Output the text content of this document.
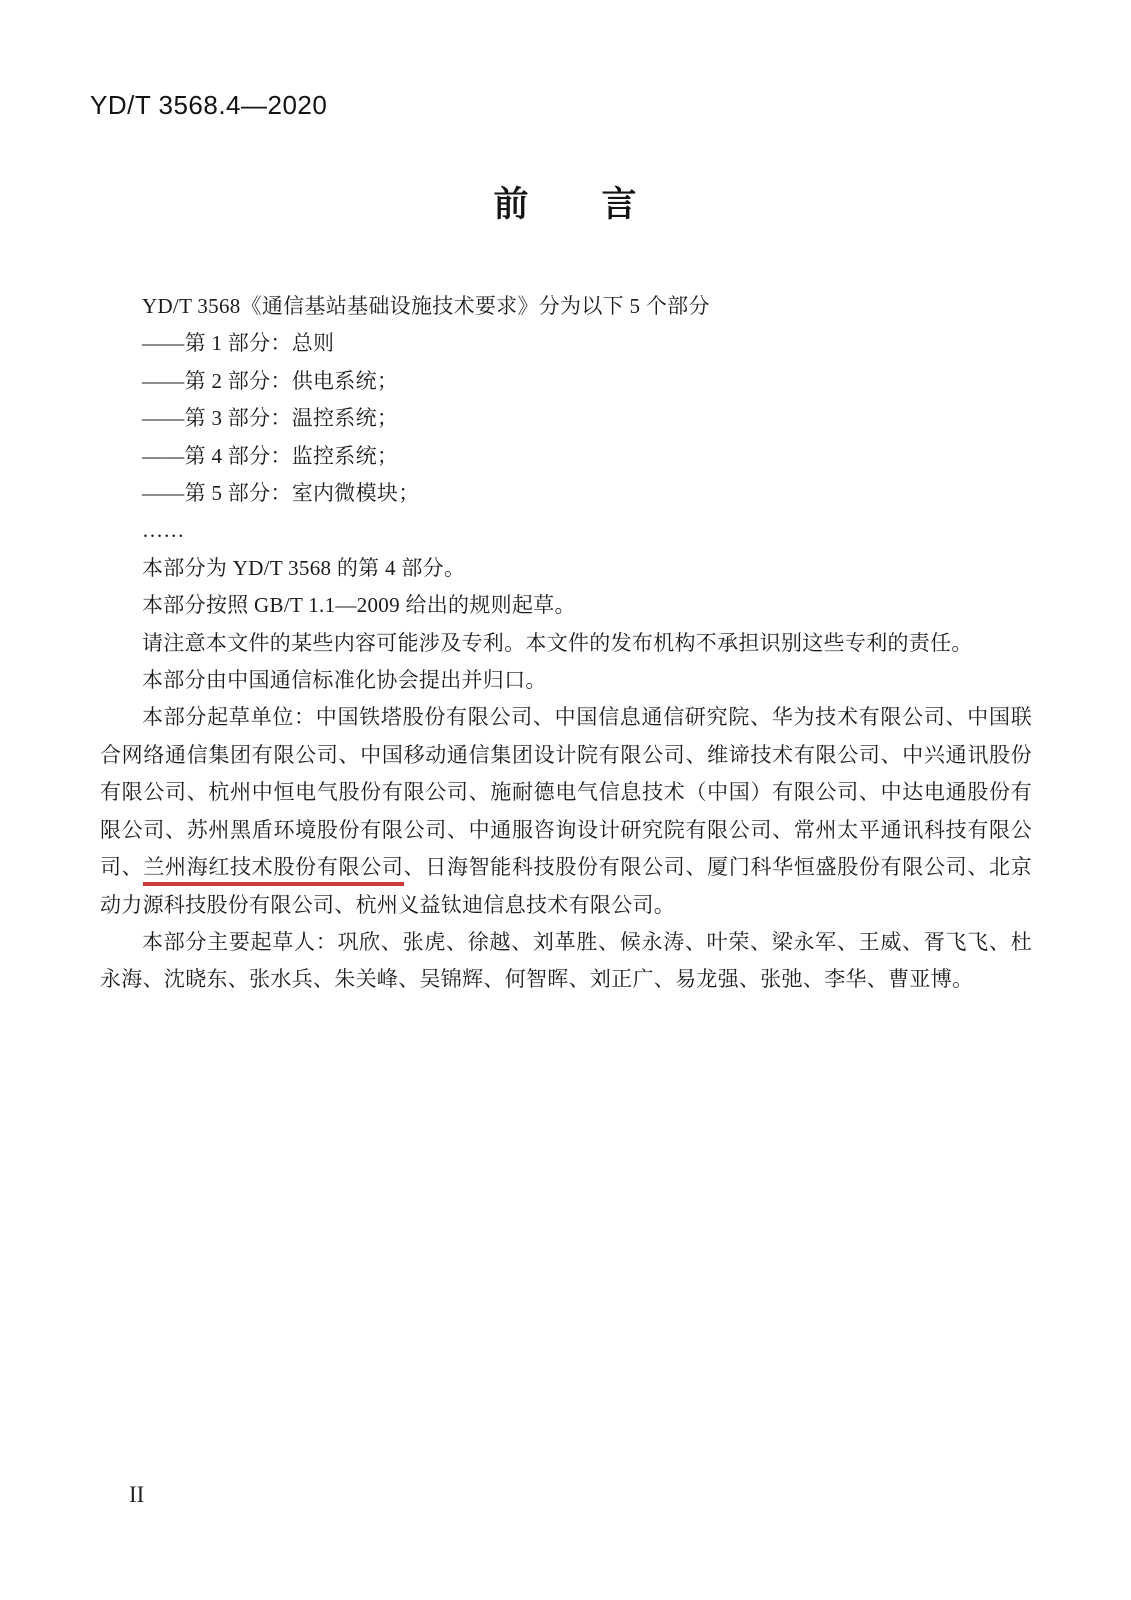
YD/T 3568.4—2020
前　　言

YD/T 3568《通信基站基础设施技术要求》分为以下 5 个部分

——第 1 部分：总则

——第 2 部分：供电系统；

——第 3 部分：温控系统；

——第 4 部分：监控系统；

——第 5 部分：室内微模块；

……

本部分为 YD/T 3568 的第 4 部分。

本部分按照 GB/T 1.1—2009 给出的规则起草。

请注意本文件的某些内容可能涉及专利。本文件的发布机构不承担识别这些专利的责任。

本部分由中国通信标准化协会提出并归口。

本部分起草单位：中国铁塔股份有限公司、中国信息通信研究院、华为技术有限公司、中国联合网络通信集团有限公司、中国移动通信集团设计院有限公司、维谛技术有限公司、中兴通讯股份有限公司、杭州中恒电气股份有限公司、施耐德电气信息技术（中国）有限公司、中达电通股份有限公司、苏州黑盾环境股份有限公司、中通服咨询设计研究院有限公司、常州太平通讯科技有限公司、兰州海红技术股份有限公司、日海智能科技股份有限公司、厦门科华恒盛股份有限公司、北京动力源科技股份有限公司、杭州义益钛迪信息技术有限公司。

本部分主要起草人：巩欣、张虎、徐越、刘革胜、候永涛、叶荣、梁永军、王威、胥飞飞、杜永海、沈晓东、张水兵、朱关峰、吴锦辉、何智晖、刘正广、易龙强、张弛、李华、曹亚博。

II
